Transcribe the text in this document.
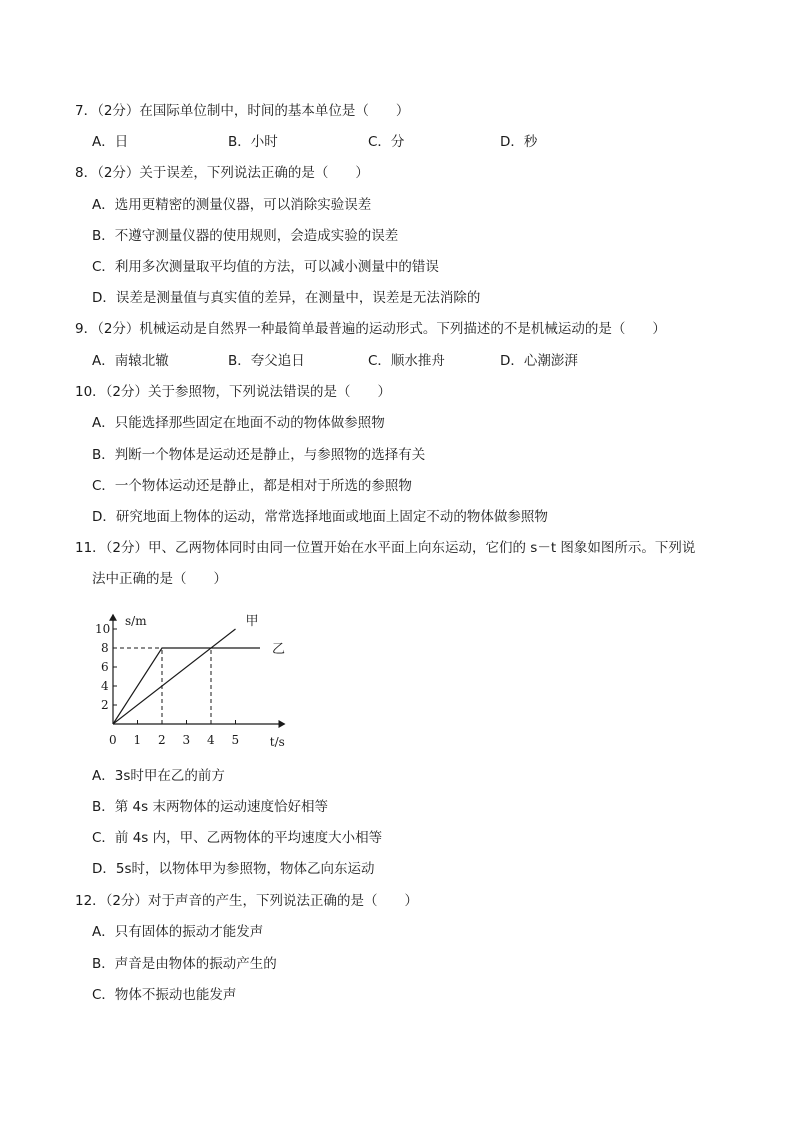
7．（2分）在国际单位制中，时间的基本单位是（　　）
A．日	B．小时	C．分	D．秒
8．（2分）关于误差，下列说法正确的是（　　）
A．选用更精密的测量仪器，可以消除实验误差
B．不遵守测量仪器的使用规则，会造成实验的误差
C．利用多次测量取平均值的方法，可以减小测量中的错误
D．误差是测量值与真实值的差异，在测量中，误差是无法消除的
9．（2分）机械运动是自然界一种最简单最普遍的运动形式。下列描述的不是机械运动的是（　　）
A．南辕北辙	B．夸父追日	C．顺水推舟	D．心潮澎湃
10．（2分）关于参照物，下列说法错误的是（　　）
A．只能选择那些固定在地面不动的物体做参照物
B．判断一个物体是运动还是静止，与参照物的选择有关
C．一个物体运动还是静止，都是相对于所选的参照物
D．研究地面上物体的运动，常常选择地面或地面上固定不动的物体做参照物
11．（2分）甲、乙两物体同时由同一位置开始在水平面上向东运动，它们的 s－t 图象如图所示。下列说
法中正确的是（　　）
s/m
t/s
0 1 2 3 4 5
2
4
6
8
10	甲
乙
A．3s时甲在乙的前方
B．第 4s 末两物体的运动速度恰好相等
C．前 4s 内，甲、乙两物体的平均速度大小相等
D．5s时，以物体甲为参照物，物体乙向东运动
12．（2分）对于声音的产生，下列说法正确的是（　　）
A．只有固体的振动才能发声
B．声音是由物体的振动产生的
C．物体不振动也能发声
